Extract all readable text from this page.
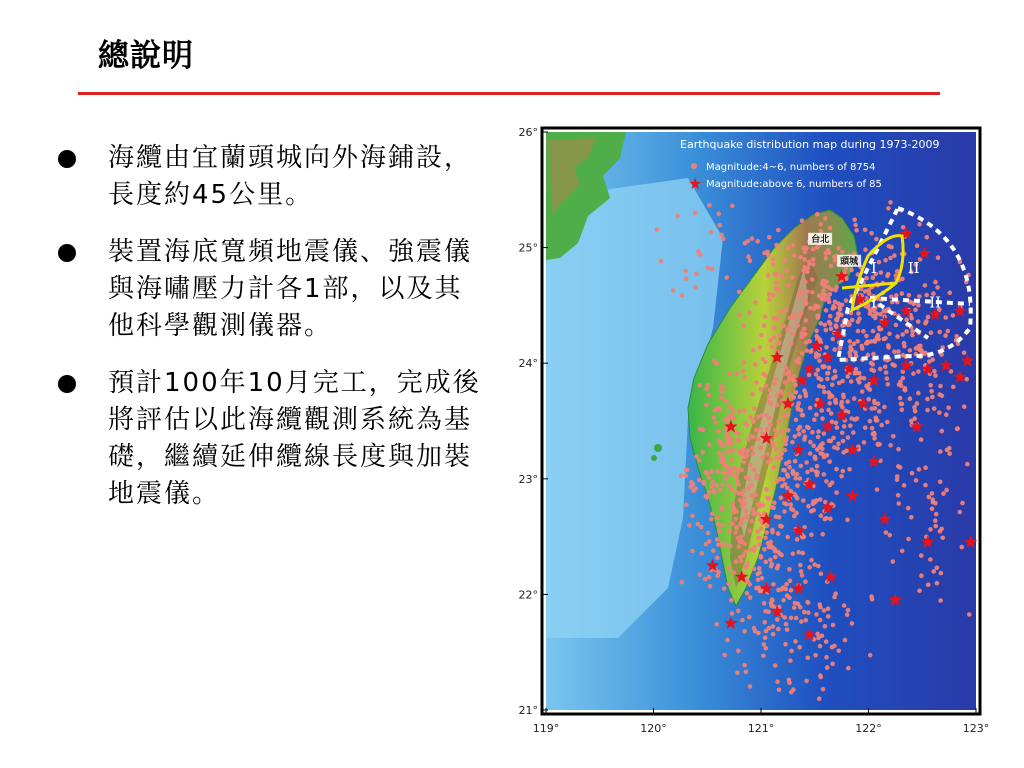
總說明
海纜由宜蘭頭城向外海鋪設，長度約45公里。
裝置海底寬頻地震儀、強震儀與海嘯壓力計各1部，以及其他科學觀測儀器。
預計100年10月完工，完成後將評估以此海纜觀測系統為基礎，繼續延伸纜線長度與加裝地震儀。
I II
I	II
台北
頭城
Earthquake distribution map during 1973-2009
Magnitude:4~6, numbers of 8754
★ Magnitude:above 6, numbers of 85
26°
25°
24°
23°
22°
21°
119°	120°	121°	122°	123°
